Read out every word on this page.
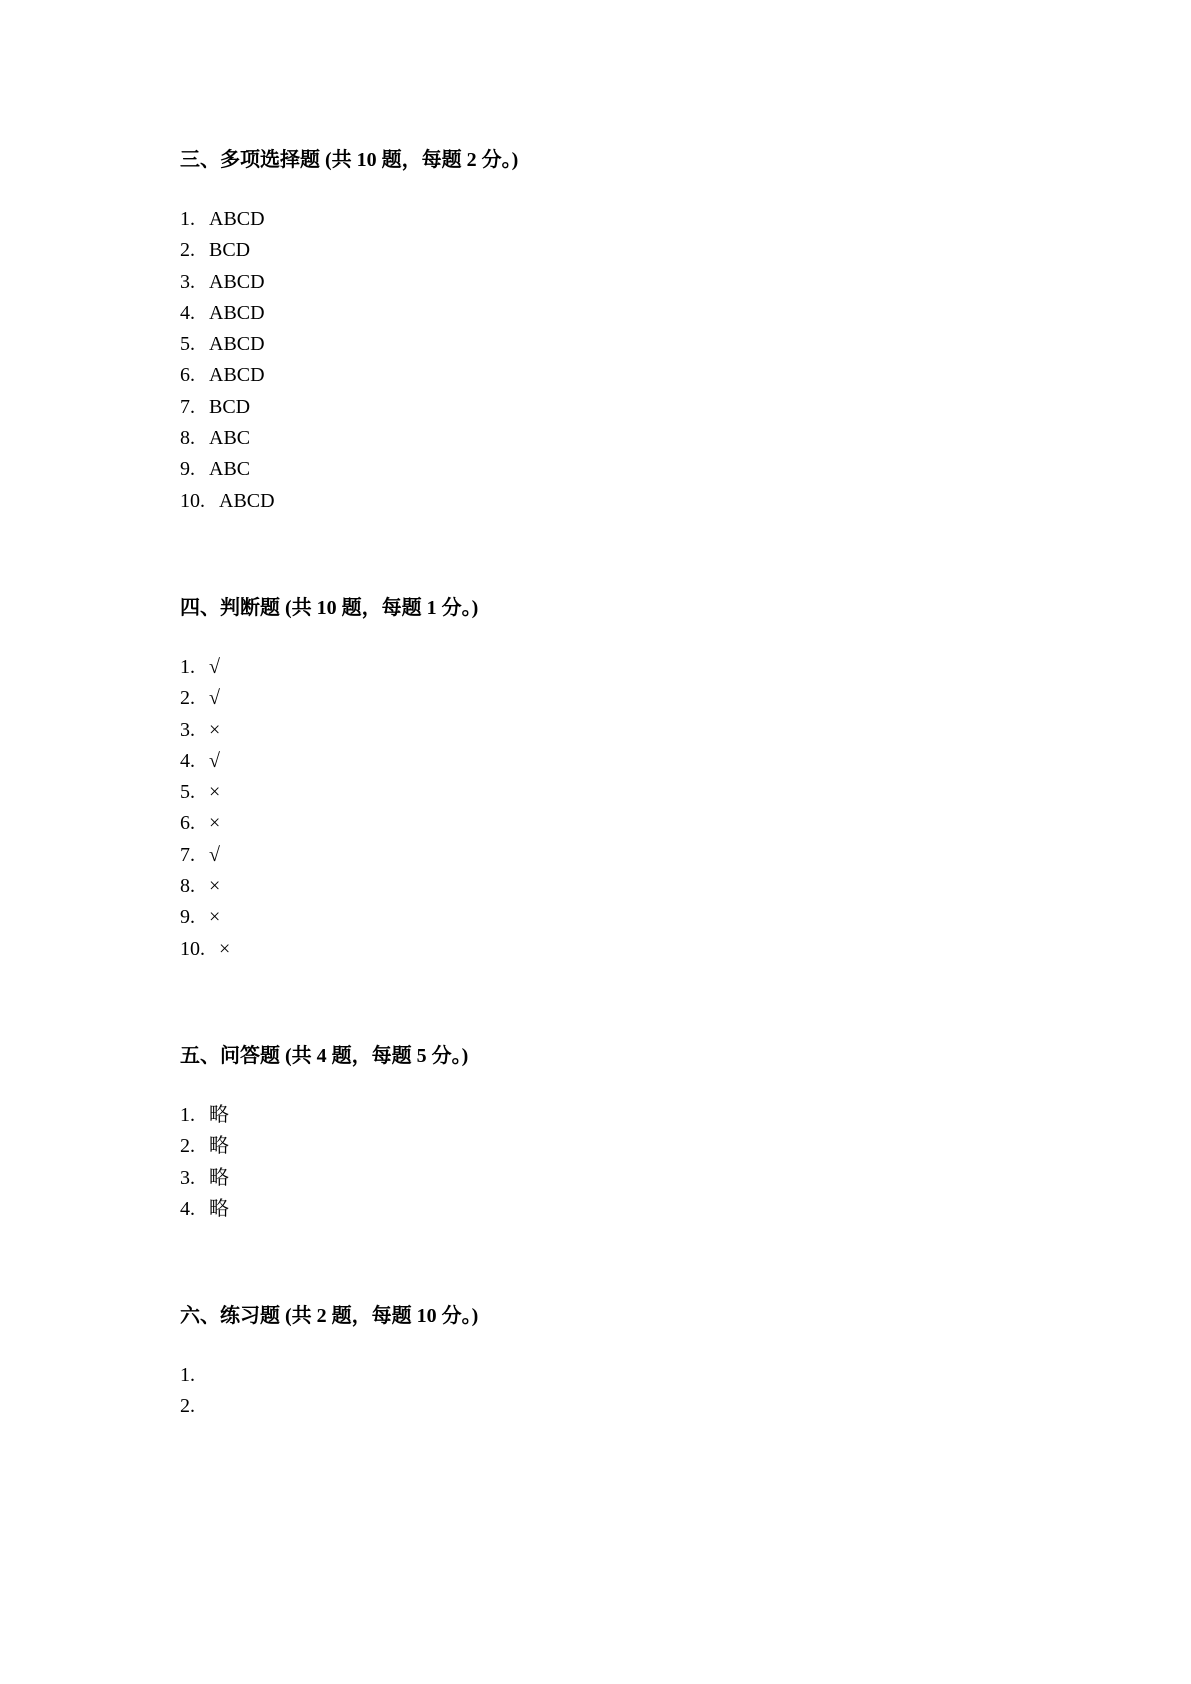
三、多项选择题 (共 10 题，每题 2 分。)
1. ABCD
2. BCD
3. ABCD
4. ABCD
5. ABCD
6. ABCD
7. BCD
8. ABC
9. ABC
10. ABCD
四、判断题 (共 10 题，每题 1 分。)
1. √
2. √
3. ×
4. √
5. ×
6. ×
7. √
8. ×
9. ×
10. ×
五、问答题 (共 4 题，每题 5 分。)
1. 略
2. 略
3. 略
4. 略
六、练习题 (共 2 题，每题 10 分。)
1.
2.
